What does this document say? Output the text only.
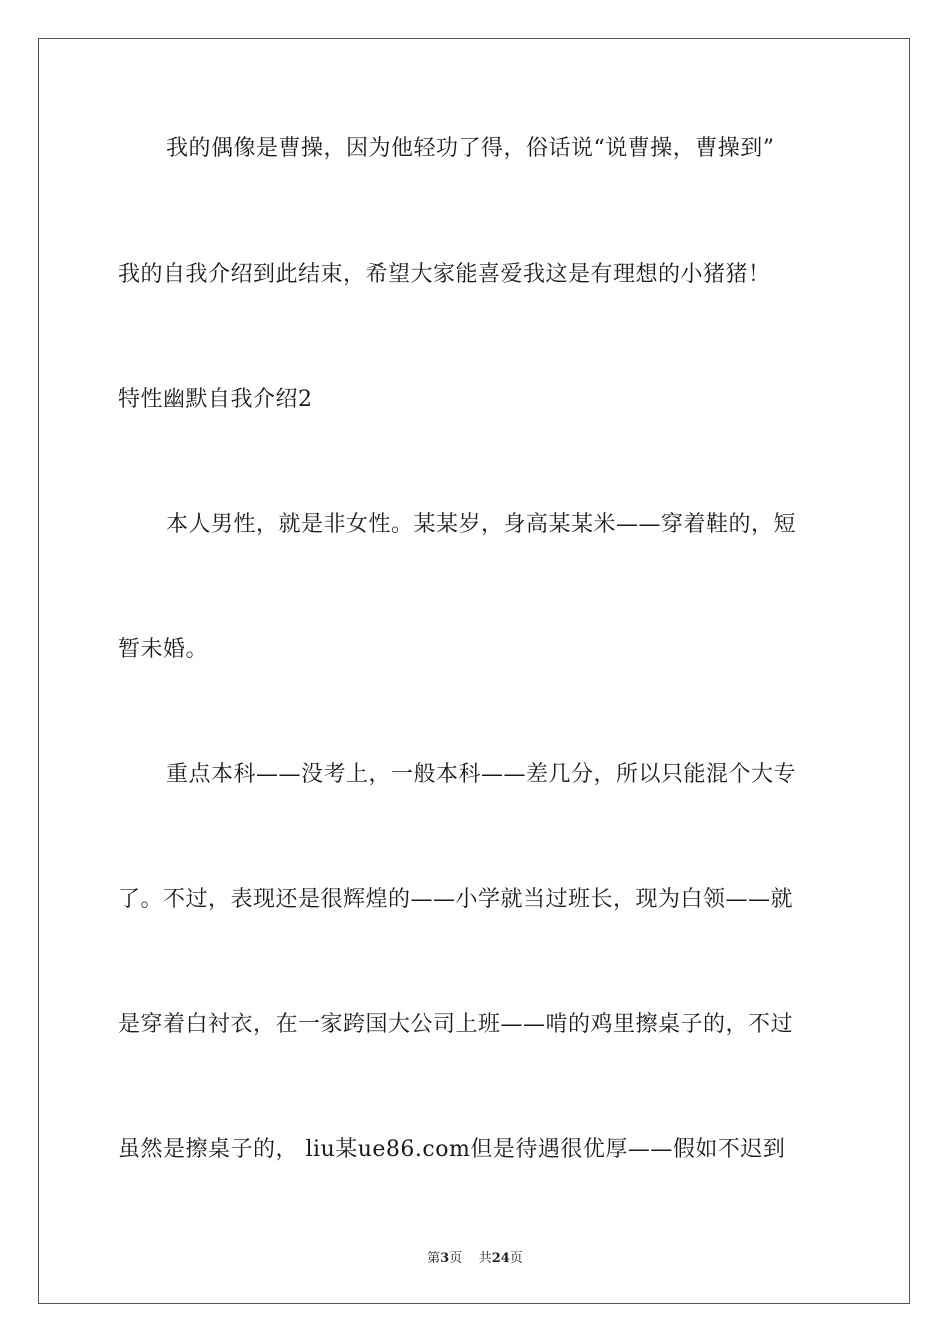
我的偶像是曹操，因为他轻功了得，俗话说“说曹操，曹操到”
我的自我介绍到此结束，希望大家能喜爱我这是有理想的小猪猪！
特性幽默自我介绍2
本人男性，就是非女性。某某岁，身高某某米——穿着鞋的，短
暂未婚。
重点本科——没考上，一般本科——差几分，所以只能混个大专
了。不过，表现还是很辉煌的——小学就当过班长，现为白领——就
是穿着白衬衣，在一家跨国大公司上班——啃的鸡里擦桌子的，不过
虽然是擦桌子的， liu某ue86.com但是待遇很优厚——假如不迟到
第3页 共24页
